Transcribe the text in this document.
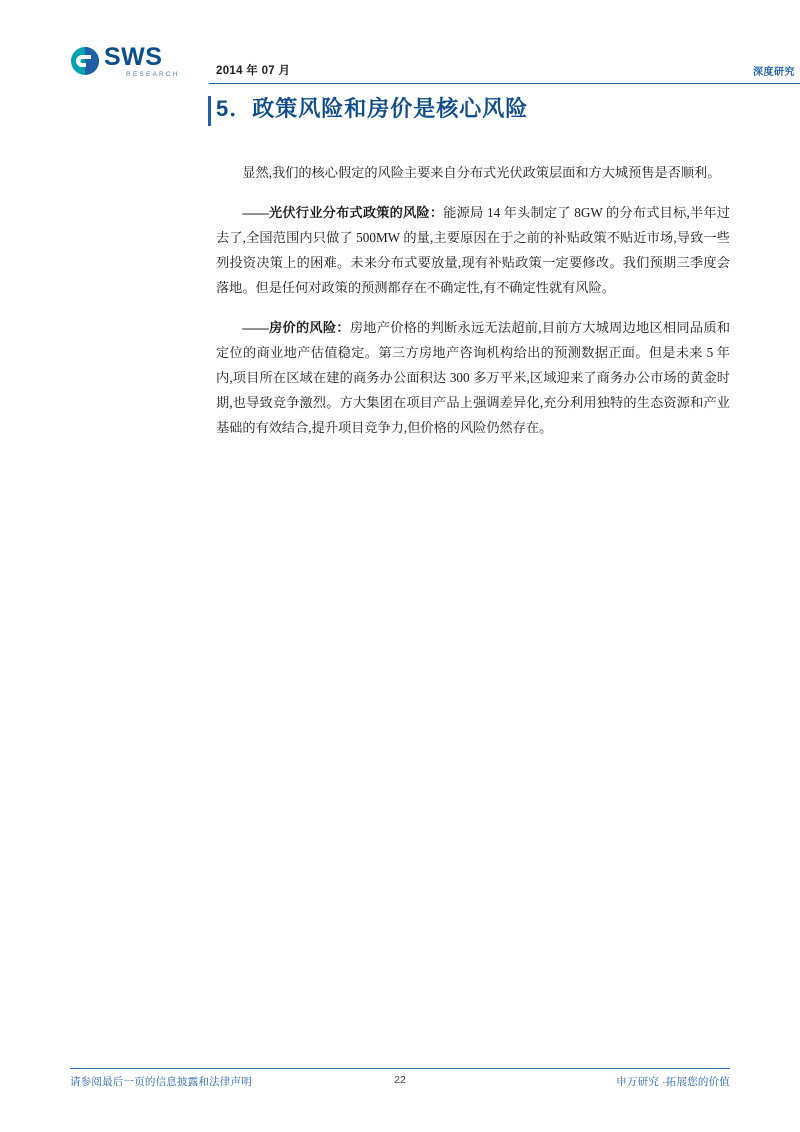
SWS
RESEARCH	2014 年 07 月	深度研究
5．政策风险和房价是核心风险

显然,我们的核心假定的风险主要来自分布式光伏政策层面和方大城预售是否顺利。

——光伏行业分布式政策的风险：能源局 14 年头制定了 8GW 的分布式目标,半年过去了,全国范围内只做了 500MW 的量,主要原因在于之前的补贴政策不贴近市场,导致一些列投资决策上的困难。未来分布式要放量,现有补贴政策一定要修改。我们预期三季度会落地。但是任何对政策的预测都存在不确定性,有不确定性就有风险。

——房价的风险：房地产价格的判断永远无法超前,目前方大城周边地区相同品质和定位的商业地产估值稳定。第三方房地产咨询机构给出的预测数据正面。但是未来 5 年内,项目所在区域在建的商务办公面积达 300 多万平米,区域迎来了商务办公市场的黄金时期,也导致竞争激烈。方大集团在项目产品上强调差异化,充分利用独特的生态资源和产业基础的有效结合,提升项目竞争力,但价格的风险仍然存在。

请参阅最后一页的信息披露和法律声明	22	申万研究 ·拓展您的价值
